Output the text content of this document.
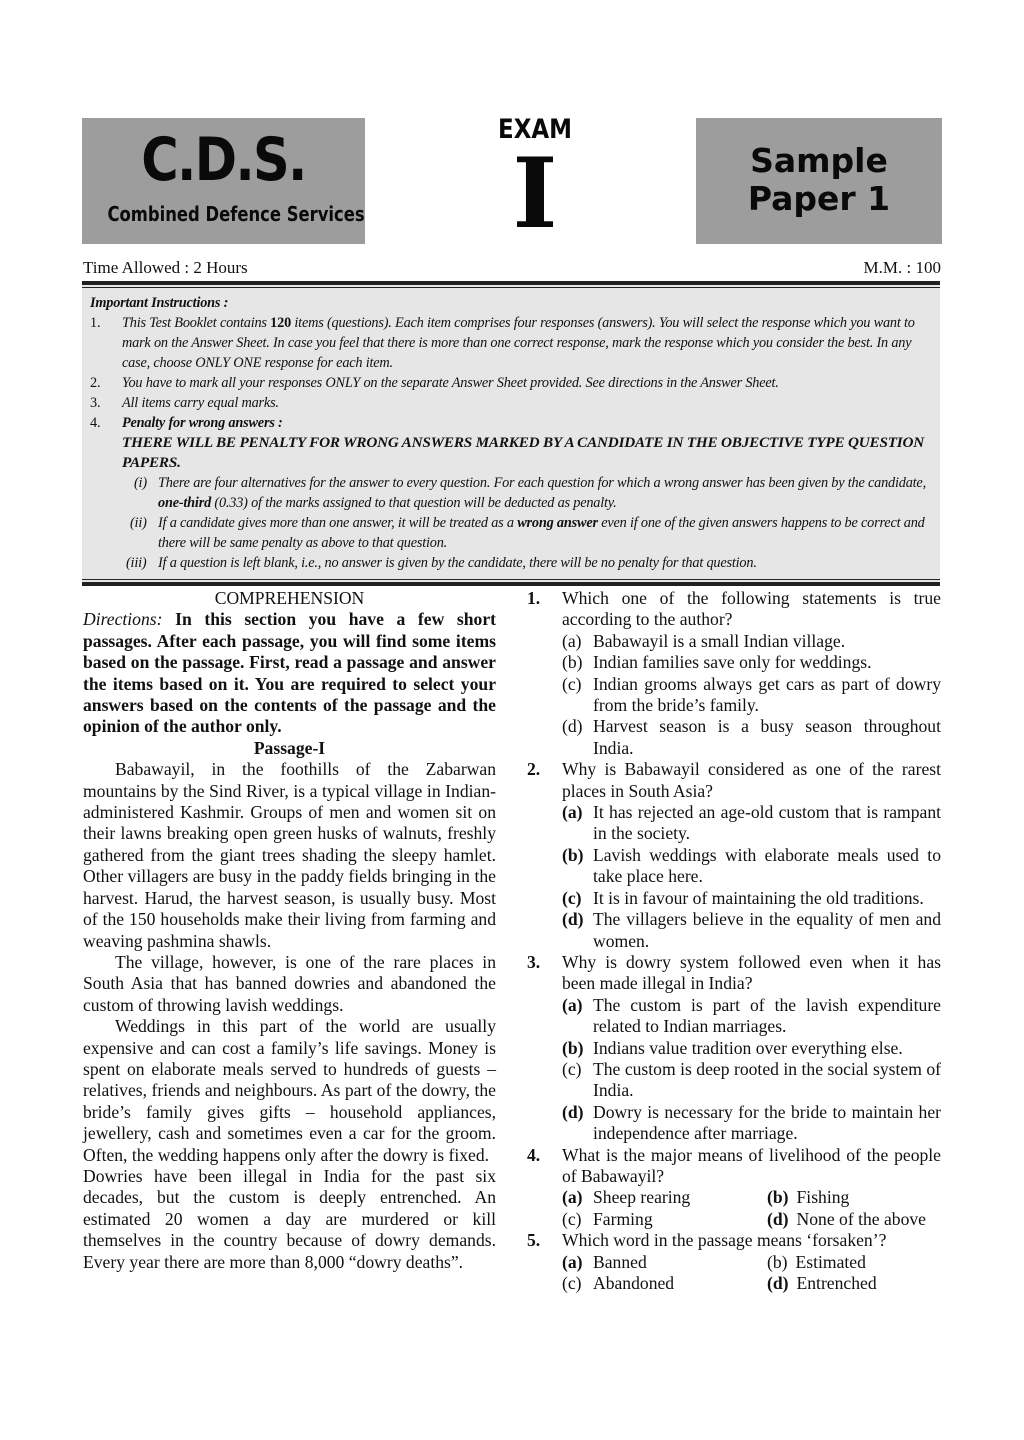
C.D.S.
Combined Defence Services
EXAM
I	Sample
Paper 1
Time Allowed : 2 Hours	M.M. : 100
Important Instructions :
1. This Test Booklet contains 120 items (questions). Each item comprises four responses (answers). You will select the response which you want to mark on the Answer Sheet. In case you feel that there is more than one correct response, mark the response which you consider the best. In any case, choose ONLY ONE response for each item.
2. You have to mark all your responses ONLY on the separate Answer Sheet provided. See directions in the Answer Sheet.
3. All items carry equal marks.
4. Penalty for wrong answers :
THERE WILL BE PENALTY FOR WRONG ANSWERS MARKED BY A CANDIDATE IN THE OBJECTIVE TYPE QUESTION PAPERS.
(i) There are four alternatives for the answer to every question. For each question for which a wrong answer has been given by the candidate, one-third (0.33) of the marks assigned to that question will be deducted as penalty.
(ii) If a candidate gives more than one answer, it will be treated as a wrong answer even if one of the given answers happens to be correct and there will be same penalty as above to that question.
(iii) If a question is left blank, i.e., no answer is given by the candidate, there will be no penalty for that question.
COMPREHENSION
Directions: In this section you have a few short passages. After each passage, you will find some items based on the passage. First, read a passage and answer the items based on it. You are required to select your answers based on the contents of the passage and the opinion of the author only.
Passage-I
Babawayil, in the foothills of the Zabarwan mountains by the Sind River, is a typical village in Indian-administered Kashmir. Groups of men and women sit on their lawns breaking open green husks of walnuts, freshly gathered from the giant trees shading the sleepy hamlet. Other villagers are busy in the paddy fields bringing in the harvest. Harud, the harvest season, is usually busy. Most of the 150 households make their living from farming and weaving pashmina shawls.
The village, however, is one of the rare places in South Asia that has banned dowries and abandoned the custom of throwing lavish weddings.
Weddings in this part of the world are usually expensive and can cost a family’s life savings. Money is spent on elaborate meals served to hundreds of guests – relatives, friends and neighbours. As part of the dowry, the bride’s family gives gifts – household appliances, jewellery, cash and sometimes even a car for the groom. Often, the wedding happens only after the dowry is fixed.
Dowries have been illegal in India for the past six decades, but the custom is deeply entrenched. An estimated 20 women a day are murdered or kill themselves in the country because of dowry demands. Every year there are more than 8,000 “dowry deaths”.
1. Which one of the following statements is true according to the author?
(a) Babawayil is a small Indian village.
(b) Indian families save only for weddings.
(c) Indian grooms always get cars as part of dowry from the bride’s family.
(d) Harvest season is a busy season throughout India.
2. Why is Babawayil considered as one of the rarest places in South Asia?
(a) It has rejected an age-old custom that is rampant in the society.
(b) Lavish weddings with elaborate meals used to take place here.
(c) It is in favour of maintaining the old traditions.
(d) The villagers believe in the equality of men and women.
3. Why is dowry system followed even when it has been made illegal in India?
(a) The custom is part of the lavish expenditure related to Indian marriages.
(b) Indians value tradition over everything else.
(c) The custom is deep rooted in the social system of India.
(d) Dowry is necessary for the bride to maintain her independence after marriage.
4. What is the major means of livelihood of the people of Babawayil?
(a) Sheep rearing	(b) Fishing
(c) Farming	(d) None of the above
5. Which word in the passage means ‘forsaken’?
(a) Banned	(b) Estimated
(c) Abandoned	(d) Entrenched
